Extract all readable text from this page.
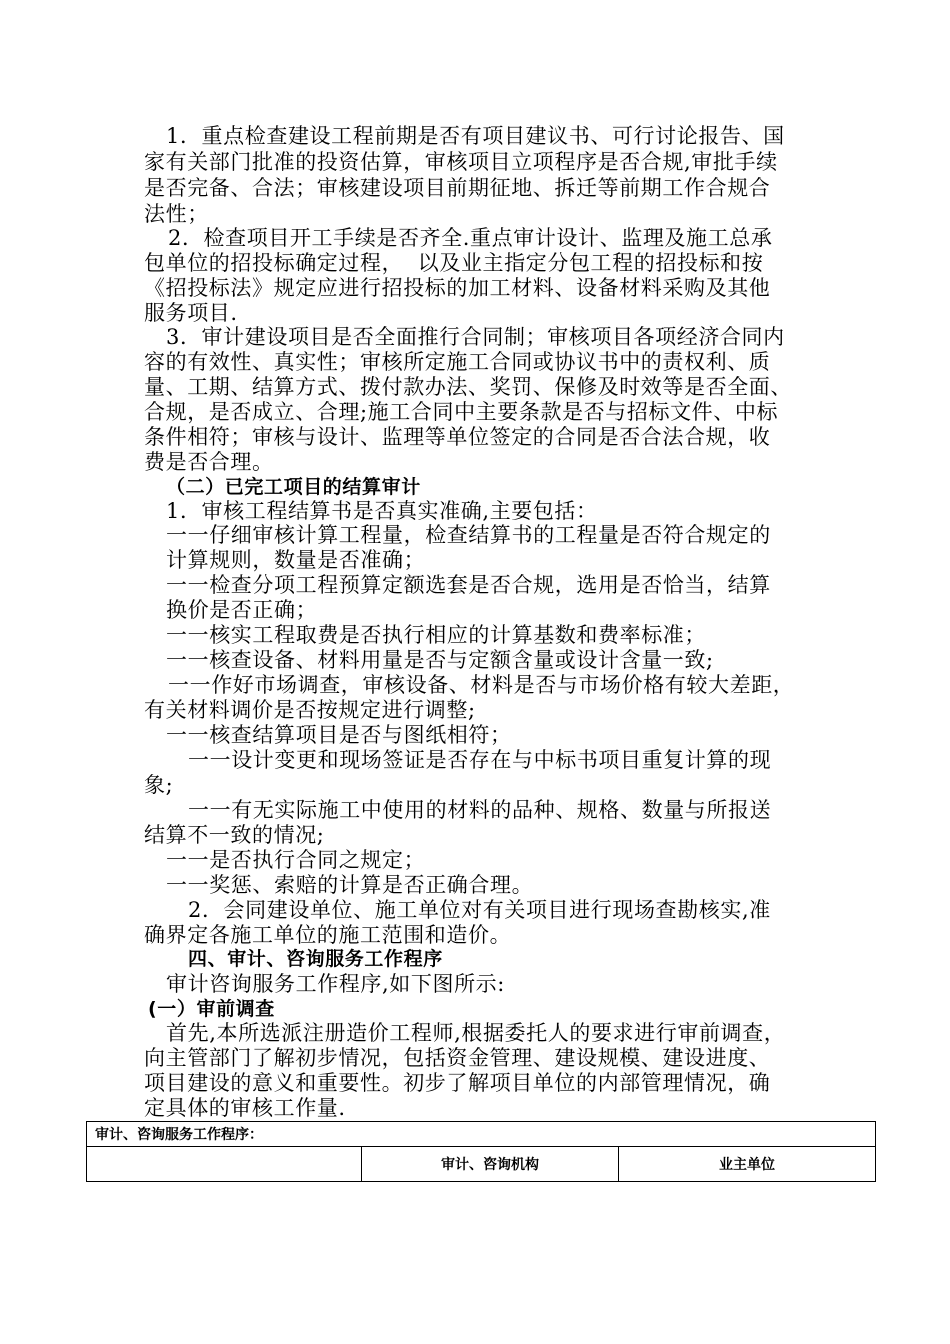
1．重点检查建设工程前期是否有项目建议书、可行讨论报告、国
家有关部门批准的投资估算，审核项目立项程序是否合规,审批手续
是否完备、合法；审核建设项目前期征地、拆迁等前期工作合规合
法性；
2．检查项目开工手续是否齐全.重点审计设计、监理及施工总承
包单位的招投标确定过程，  以及业主指定分包工程的招投标和按
《招投标法》规定应进行招投标的加工材料、设备材料采购及其他
服务项目.
3．审计建设项目是否全面推行合同制；审核项目各项经济合同内
容的有效性、真实性；审核所定施工合同或协议书中的责权利、质
量、工期、结算方式、拨付款办法、奖罚、保修及时效等是否全面、
合规，是否成立、合理;施工合同中主要条款是否与招标文件、中标
条件相符；审核与设计、监理等单位签定的合同是否合法合规，收
费是否合理。
（二）已完工项目的结算审计
1．审核工程结算书是否真实准确,主要包括：
一一仔细审核计算工程量，检查结算书的工程量是否符合规定的
计算规则，数量是否准确；
一一检查分项工程预算定额选套是否合规，选用是否恰当，结算
换价是否正确；
一一核实工程取费是否执行相应的计算基数和费率标准；
一一核查设备、材料用量是否与定额含量或设计含量一致;
一一作好市场调查，审核设备、材料是否与市场价格有较大差距，
有关材料调价是否按规定进行调整;
一一核查结算项目是否与图纸相符；
一一设计变更和现场签证是否存在与中标书项目重复计算的现
象;
一一有无实际施工中使用的材料的品种、规格、数量与所报送
结算不一致的情况;
一一是否执行合同之规定；
一一奖惩、索赔的计算是否正确合理。
2．会同建设单位、施工单位对有关项目进行现场查勘核实,准
确界定各施工单位的施工范围和造价。
四、审计、咨询服务工作程序
审计咨询服务工作程序,如下图所示:
(一）审前调查
首先,本所选派注册造价工程师,根据委托人的要求进行审前调查，
向主管部门了解初步情况，包括资金管理、建设规模、建设进度、
项目建设的意义和重要性。初步了解项目单位的内部管理情况，确
定具体的审核工作量.
审计、咨询服务工作程序：
	审计、咨询机构	业主单位
